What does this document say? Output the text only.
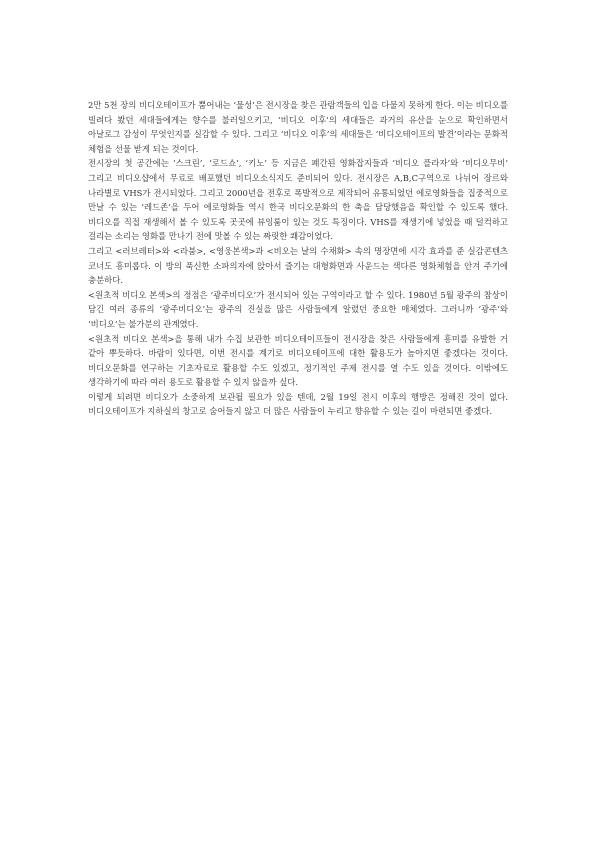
2만 5천 장의 비디오테이프가 뿜어내는 ‘물성’은 전시장을 찾은 관람객들의 입을 다물지 못하게 한다. 이는 비디오를 빌려다 봤던 세대들에게는 향수를 불러일으키고, ‘비디오 이후’의 세대들은 과거의 유산을 눈으로 확인하면서 아날로그 감성이 무엇인지를 실감할 수 있다. 그리고 ‘비디오 이후’의 세대들은 ‘비디오테이프의 발견’이라는 문화적 체험을 선물 받게 되는 것이다.

전시장의 첫 공간에는 ‘스크린’, ‘로드쇼’, ‘키노’ 등 지금은 폐간된 영화잡지들과 ‘비디오 플라자’와 ‘비디오무비’ 그리고 비디오샵에서 무료로 배포했던 비디오소식지도 준비되어 있다. 전시장은 A,B,C구역으로 나뉘어 장르와 나라별로 VHS가 전시되었다. 그리고 2000년을 전후로 폭발적으로 제작되어 유통되었던 에로영화들을 집중적으로 만날 수 있는 ‘레드존’을 두어 에로영화들 역시 한국 비디오문화의 한 축을 담당했음을 확인할 수 있도록 했다. 비디오를 직접 재생해서 볼 수 있도록 곳곳에 뷰잉룸이 있는 것도 특징이다. VHS를 재생기에 넣었을 때 덜컥하고 걸리는 소리는 영화를 만나기 전에 맛볼 수 있는 짜릿한 쾌감이었다.

그리고 <러브레터>와 <라붐>, <영웅본색>과 <비오는 날의 수채화> 속의 명장면에 시각 효과를 준 실감콘텐츠 코너도 흥미롭다. 이 방의 푹신한 소파의자에 앉아서 즐기는 대형화면과 사운드는 색다른 영화체험을 안겨 주기에 충분하다.

<원초적 비디오 본색>의 정점은 ‘광주비디오’가 전시되어 있는 구역이라고 할 수 있다. 1980년 5월 광주의 참상이 담긴 여러 종류의 ‘광주비디오’는 광주의 진실을 많은 사람들에게 알렸던 중요한 매체였다. 그러니까 ‘광주’와 ‘비디오’는 불가분의 관계였다.

<원초적 비디오 본색>을 통해 내가 수집 보관한 비디오테이프들이 전시장을 찾은 사람들에게 흥미를 유발한 거 같아 뿌듯하다. 바람이 있다면, 이번 전시를 계기로 비디오테이프에 대한 활용도가 높아지면 좋겠다는 것이다. 비디오문화를 연구하는 기초자료로 활용할 수도 있겠고, 정기적인 주제 전시를 열 수도 있을 것이다. 이밖에도 생각하기에 따라 여러 용도로 활용할 수 있지 않을까 싶다.

이렇게 되려면 비디오가 소중하게 보관될 필요가 있을 텐데, 2월 19일 전시 이후의 행방은 정해진 것이 없다. 비디오테이프가 지하실의 창고로 숨어들지 않고 더 많은 사람들이 누리고 향유할 수 있는 길이 마련되면 좋겠다.
